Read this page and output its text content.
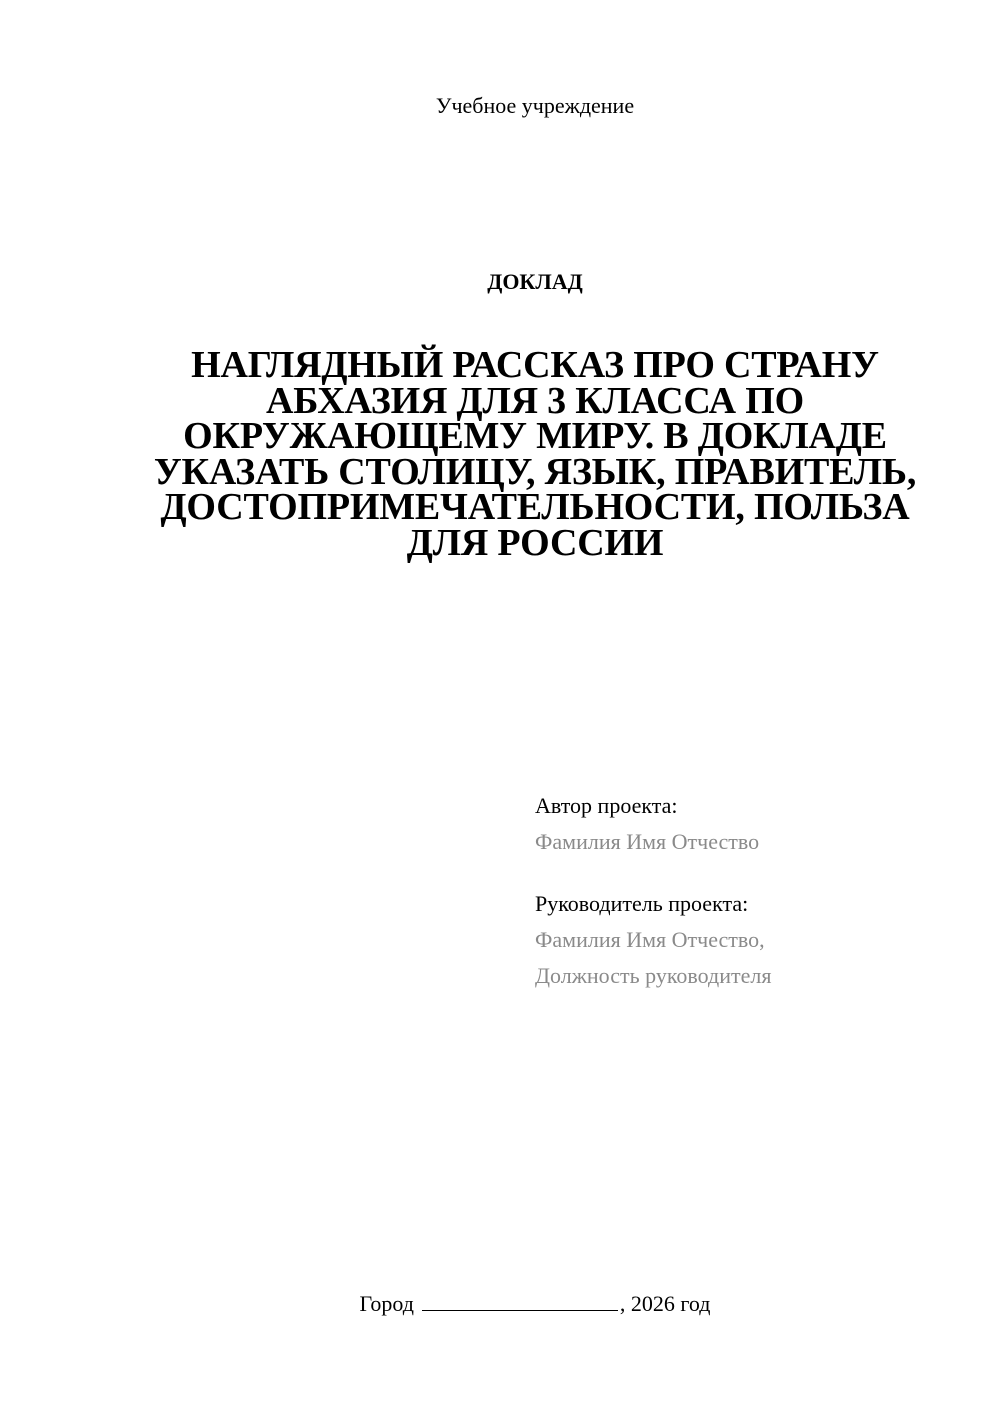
Учебное учреждение
ДОКЛАД
НАГЛЯДНЫЙ РАССКАЗ ПРО СТРАНУ АБХАЗИЯ ДЛЯ 3 КЛАССА ПО ОКРУЖАЮЩЕМУ МИРУ. В ДОКЛАДЕ УКАЗАТЬ СТОЛИЦУ, ЯЗЫК, ПРАВИТЕЛЬ, ДОСТОПРИМЕЧАТЕЛЬНОСТИ, ПОЛЬЗА ДЛЯ РОССИИ
Автор проекта:
Фамилия Имя Отчество
Руководитель проекта:
Фамилия Имя Отчество,
Должность руководителя
Город	, 2026 год
